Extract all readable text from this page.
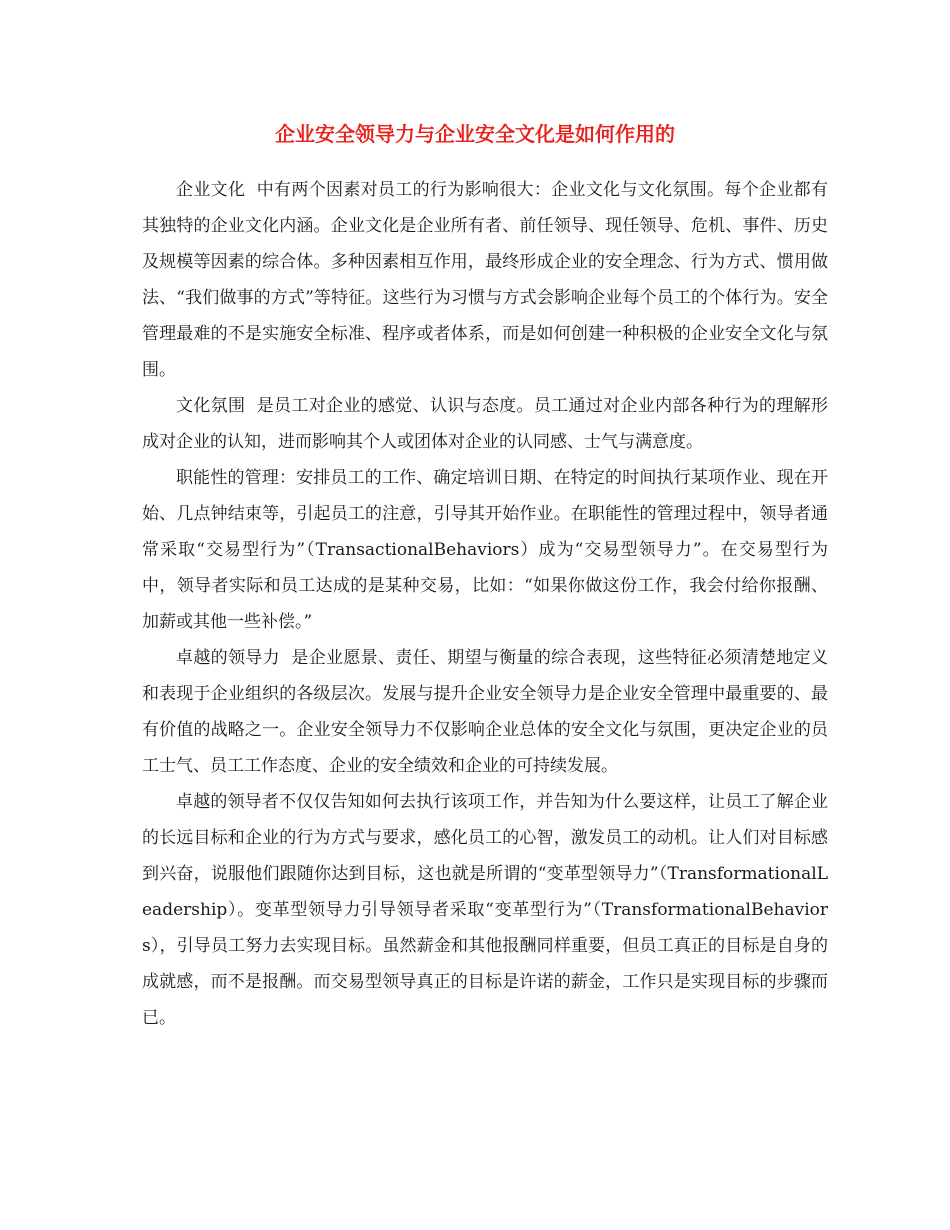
企业安全领导力与企业安全文化是如何作用的

企业文化  中有两个因素对员工的行为影响很大：企业文化与文化氛围。每个企业都有其独特的企业文化内涵。企业文化是企业所有者、前任领导、现任领导、危机、事件、历史及规模等因素的综合体。多种因素相互作用，最终形成企业的安全理念、行为方式、惯用做法、“我们做事的方式”等特征。这些行为习惯与方式会影响企业每个员工的个体行为。安全管理最难的不是实施安全标准、程序或者体系，而是如何创建一种积极的企业安全文化与氛围。

文化氛围  是员工对企业的感觉、认识与态度。员工通过对企业内部各种行为的理解形成对企业的认知，进而影响其个人或团体对企业的认同感、士气与满意度。

职能性的管理：安排员工的工作、确定培训日期、在特定的时间执行某项作业、现在开始、几点钟结束等，引起员工的注意，引导其开始作业。在职能性的管理过程中，领导者通常采取“交易型行为”（TransactionalBehaviors）成为“交易型领导力”。在交易型行为中，领导者实际和员工达成的是某种交易，比如：“如果你做这份工作，我会付给你报酬、加薪或其他一些补偿。”

卓越的领导力  是企业愿景、责任、期望与衡量的综合表现，这些特征必须清楚地定义和表现于企业组织的各级层次。发展与提升企业安全领导力是企业安全管理中最重要的、最有价值的战略之一。企业安全领导力不仅影响企业总体的安全文化与氛围，更决定企业的员工士气、员工工作态度、企业的安全绩效和企业的可持续发展。

卓越的领导者不仅仅告知如何去执行该项工作，并告知为什么要这样，让员工了解企业的长远目标和企业的行为方式与要求，感化员工的心智，激发员工的动机。让人们对目标感到兴奋，说服他们跟随你达到目标，这也就是所谓的“变革型领导力”（TransformationalLeadership）。变革型领导力引导领导者采取“变革型行为”（TransformationalBehaviors），引导员工努力去实现目标。虽然薪金和其他报酬同样重要，但员工真正的目标是自身的成就感，而不是报酬。而交易型领导真正的目标是许诺的薪金，工作只是实现目标的步骤而已。
